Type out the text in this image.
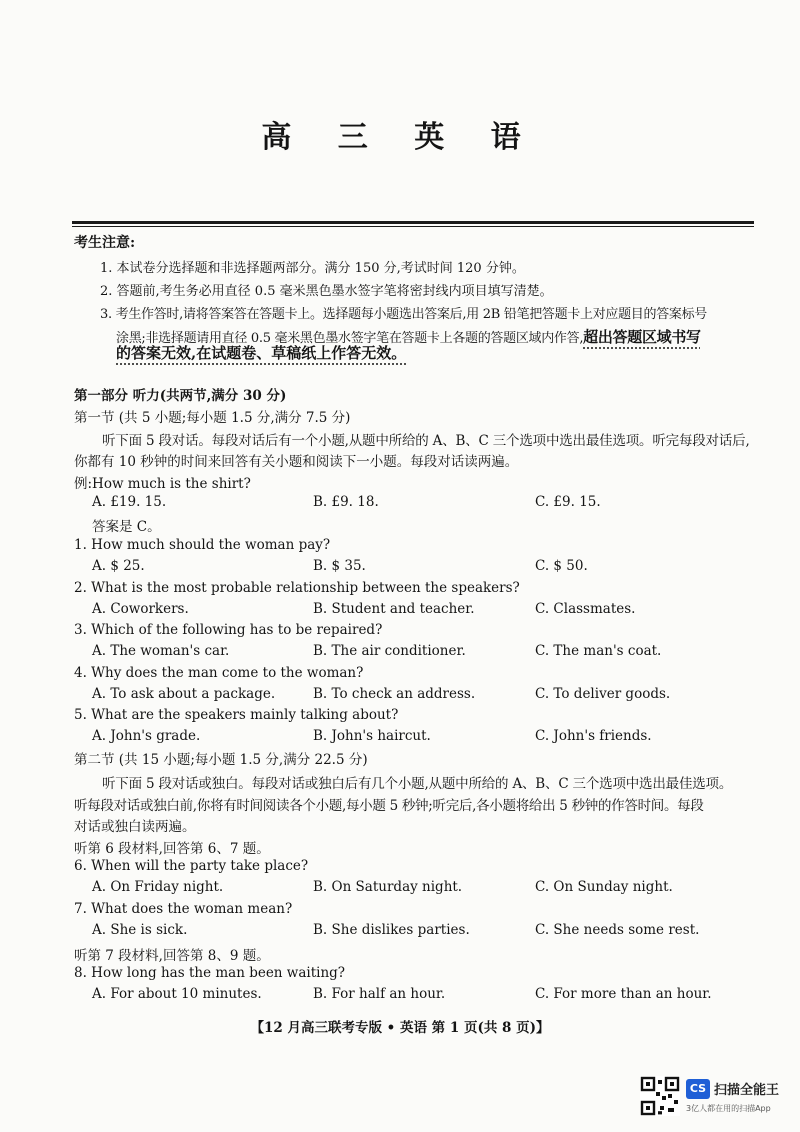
高 三 英 语
考生注意:
1. 本试卷分选择题和非选择题两部分。满分 150 分,考试时间 120 分钟。
2. 答题前,考生务必用直径 0.5 毫米黑色墨水签字笔将密封线内项目填写清楚。
3. 考生作答时,请将答案答在答题卡上。选择题每小题选出答案后,用 2B 铅笔把答题卡上对应题目的答案标号
涂黑;非选择题请用直径 0.5 毫米黑色墨水签字笔在答题卡上各题的答题区域内作答,超出答题区域书写
的答案无效,在试题卷、草稿纸上作答无效。
第一部分 听力(共两节,满分 30 分)
第一节 (共 5 小题;每小题 1.5 分,满分 7.5 分)
听下面 5 段对话。每段对话后有一个小题,从题中所给的 A、B、C 三个选项中选出最佳选项。听完每段对话后,
你都有 10 秒钟的时间来回答有关小题和阅读下一小题。每段对话读两遍。
例:How much is the shirt?
A. £19. 15.	B. £9. 18.	C. £9. 15.
答案是 C。
1. How much should the woman pay?
A. $ 25.	B. $ 35.	C. $ 50.
2. What is the most probable relationship between the speakers?
A. Coworkers.	B. Student and teacher.	C. Classmates.
3. Which of the following has to be repaired?
A. The woman's car.	B. The air conditioner.	C. The man's coat.
4. Why does the man come to the woman?
A. To ask about a package.	B. To check an address.	C. To deliver goods.
5. What are the speakers mainly talking about?
A. John's grade.	B. John's haircut.	C. John's friends.
第二节 (共 15 小题;每小题 1.5 分,满分 22.5 分)
听下面 5 段对话或独白。每段对话或独白后有几个小题,从题中所给的 A、B、C 三个选项中选出最佳选项。
听每段对话或独白前,你将有时间阅读各个小题,每小题 5 秒钟;听完后,各小题将给出 5 秒钟的作答时间。每段
对话或独白读两遍。
听第 6 段材料,回答第 6、7 题。
6. When will the party take place?
A. On Friday night.	B. On Saturday night.	C. On Sunday night.
7. What does the woman mean?
A. She is sick.	B. She dislikes parties.	C. She needs some rest.
听第 7 段材料,回答第 8、9 题。
8. How long has the man been waiting?
A. For about 10 minutes.	B. For half an hour.	C. For more than an hour.
【12 月高三联考专版 • 英语 第 1 页(共 8 页)】
CS 扫描全能王
3亿人都在用的扫描App
